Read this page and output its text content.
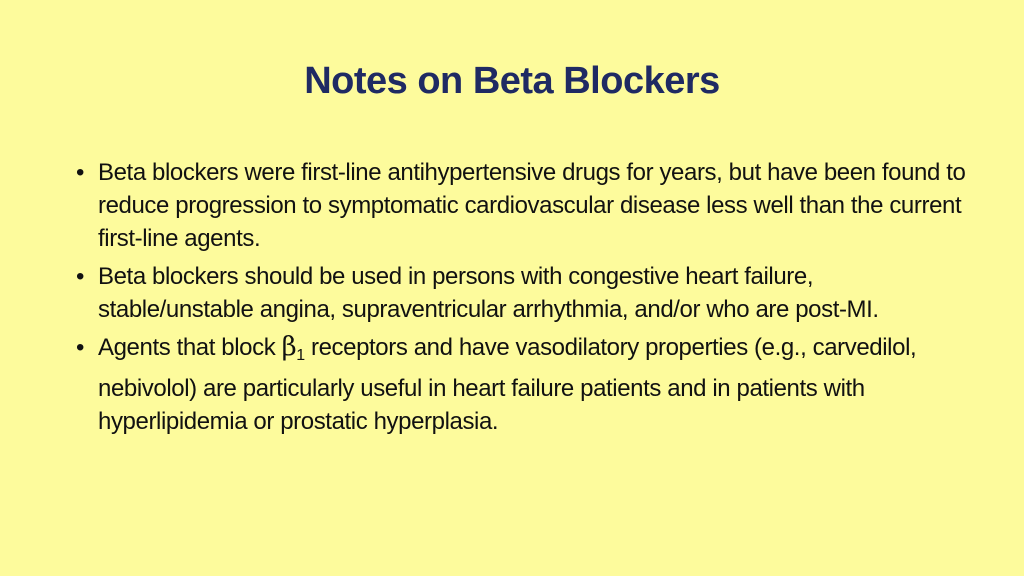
Notes on Beta Blockers
• Beta blockers were first-line antihypertensive drugs for years, but have been found to reduce progression to symptomatic cardiovascular disease less well than the current first-line agents.
• Beta blockers should be used in persons with congestive heart failure, stable/unstable angina, supraventricular arrhythmia, and/or who are post-MI.
• Agents that block $\beta_1$ receptors and have vasodilatory properties (e.g., carvedilol, nebivolol) are particularly useful in heart failure patients and in patients with hyperlipidemia or prostatic hyperplasia.
